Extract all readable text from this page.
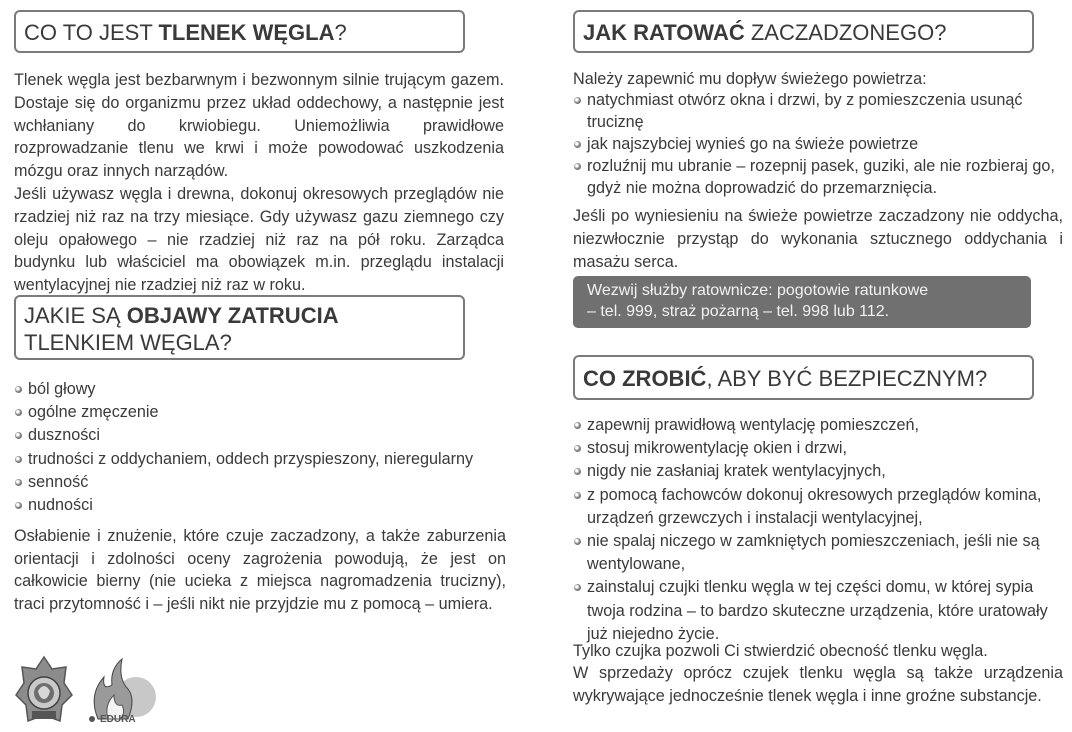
CO TO JEST TLENEK WĘGLA?

Tlenek węgla jest bezbarwnym i bezwonnym silnie trującym gazem. Dostaje się do organizmu przez układ oddechowy, a następnie jest wchłaniany do krwiobiegu. Uniemożliwia prawidłowe rozprowadzanie tlenu we krwi i może powodować uszkodzenia mózgu oraz innych narządów.

Jeśli używasz węgla i drewna, dokonuj okresowych przeglądów nie rzadziej niż raz na trzy miesiące. Gdy używasz gazu ziemnego czy oleju opałowego – nie rzadziej niż raz na pół roku. Zarządca budynku lub właściciel ma obowiązek m.in. przeglądu instalacji wentylacyjnej nie rzadziej niż raz w roku.

JAKIE SĄ OBJAWY ZATRUCIA
TLENKIEM WĘGLA?
ból głowy
ogólne zmęczenie
duszności
trudności z oddychaniem, oddech przyspieszony, nieregularny
senność
nudności

Osłabienie i znużenie, które czuje zaczadzony, a także zaburzenia orientacji i zdolności oceny zagrożenia powodują, że jest on całkowicie bierny (nie ucieka z miejsca nagromadzenia trucizny), traci przytomność i – jeśli nikt nie przyjdzie mu z pomocą – umiera.

EDURA
JAK RATOWAĆ ZACZADZONEGO?

Należy zapewnić mu dopływ świeżego powietrza:

natychmiast otwórz okna i drzwi, by z pomieszczenia usunąć truciznę
jak najszybciej wynieś go na świeże powietrze
rozluźnij mu ubranie – rozepnij pasek, guziki, ale nie rozbieraj go, gdyż nie można doprowadzić do przemarznięcia.

Jeśli po wyniesieniu na świeże powietrze zaczadzony nie oddycha, niezwłocznie przystąp do wykonania sztucznego oddychania i masażu serca.

Wezwij służby ratownicze: pogotowie ratunkowe
– tel. 999, straż pożarną – tel. 998 lub 112.
CO ZROBIĆ, ABY BYĆ BEZPIECZNYM?
zapewnij prawidłową wentylację pomieszczeń,
stosuj mikrowentylację okien i drzwi,
nigdy nie zasłaniaj kratek wentylacyjnych,
z pomocą fachowców dokonuj okresowych przeglądów komina, urządzeń grzewczych i instalacji wentylacyjnej,
nie spalaj niczego w zamkniętych pomieszczeniach, jeśli nie są wentylowane,
zainstaluj czujki tlenku węgla w tej części domu, w której sypia twoja rodzina – to bardzo skuteczne urządzenia, które uratowały już niejedno życie.

Tylko czujka pozwoli Ci stwierdzić obecność tlenku węgla.

W sprzedaży oprócz czujek tlenku węgla są także urządzenia wykrywające jednocześnie tlenek węgla i inne groźne substancje.
